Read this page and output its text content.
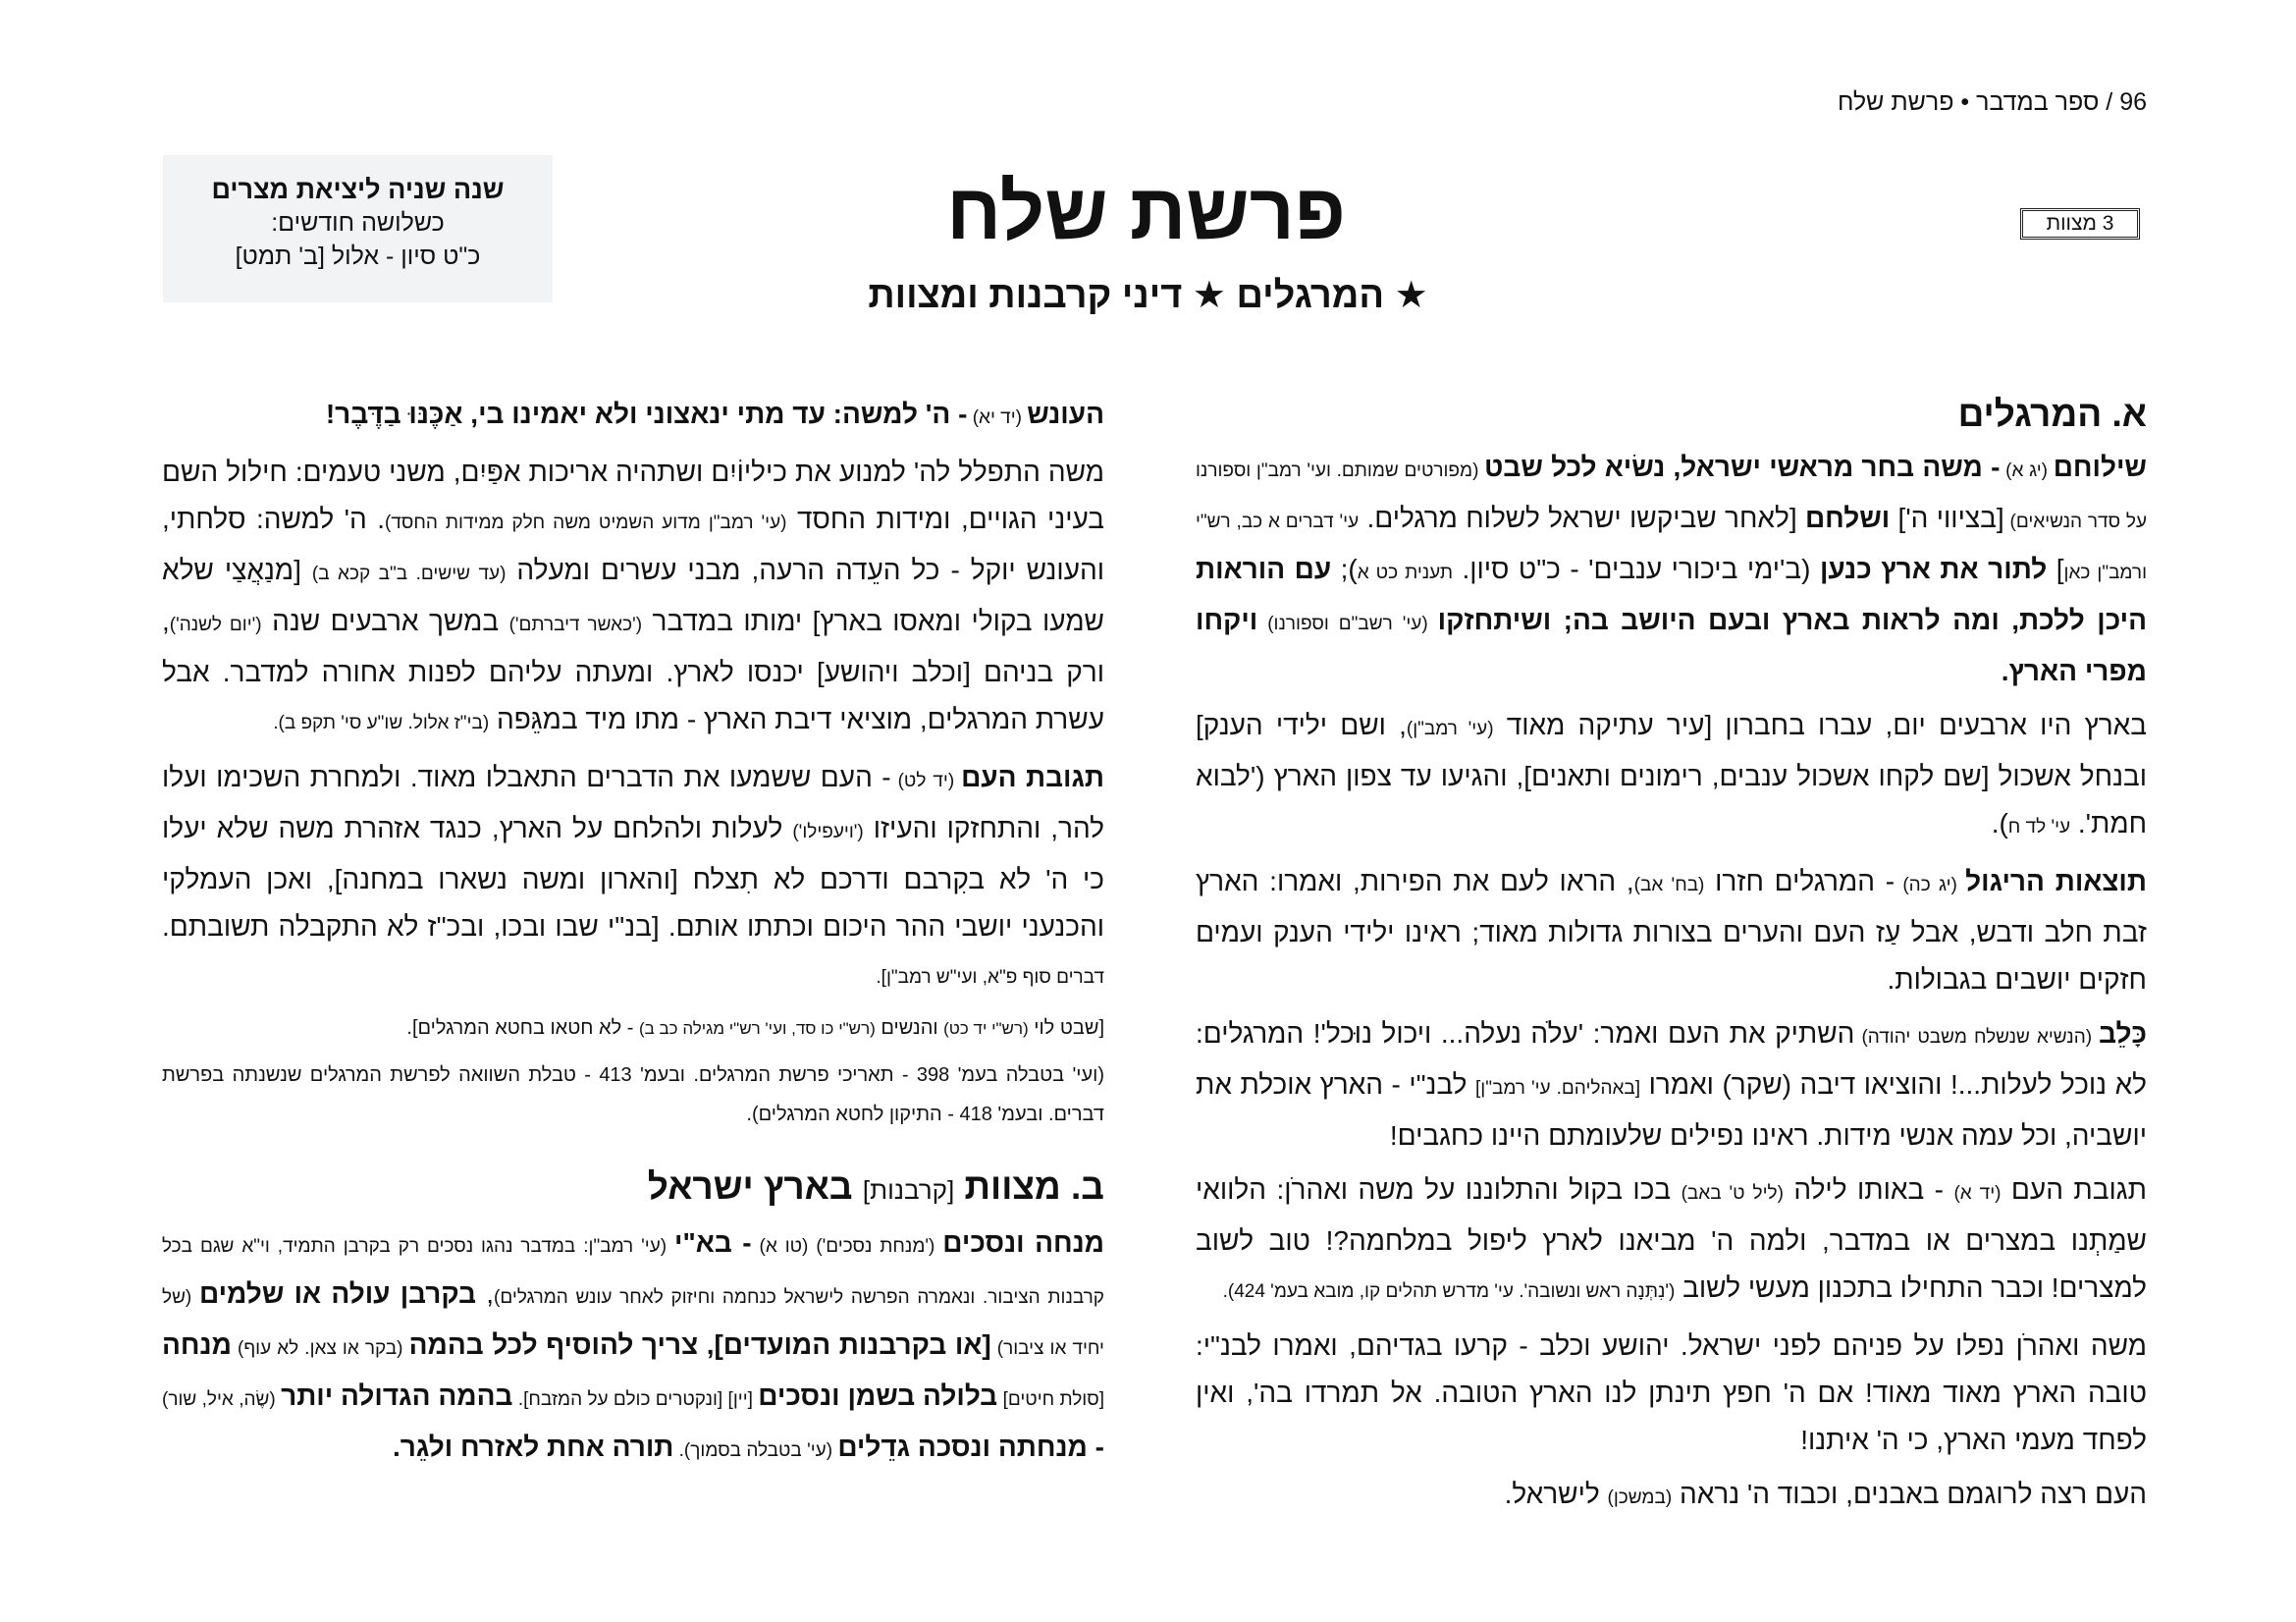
96 / ספר במדבר • פרשת שלח
3 מצוות
פרשת שלח
★ המרגלים ★ דיני קרבנות ומצוות
שנה שניה ליציאת מצרים
כשלושה חודשים:
כ"ט סיון - אלול [ב' תמט]
א. המרגלים

שילוחם (יג א) - משה בחר מראשי ישראל, נשׂיא לכל שבט (מפורטים שמותם. ועי' רמב"ן וספורנו על סדר הנשיאים) [בציווי ה'] ושלחם [לאחר שביקשו ישראל לשלוח מרגלים. עי' דברים א כב, רש"י ורמב"ן כאן] לתור את ארץ כנען (ב'ימי ביכורי ענבים' - כ"ט סיון. תענית כט א); עם הוראות היכן ללכת, ומה לראות בארץ ובעם היושב בה; ושיתחזקו (עי' רשב"ם וספורנו) ויקחו מפרי הארץ.

בארץ היו ארבעים יום, עברו בחברון [עיר עתיקה מאוד (עי' רמב"ן), ושם ילידי הענק] ובנחל אשכול [שם לקחו אשכול ענבים, רימונים ותאנים], והגיעו עד צפון הארץ ('לבוא חמת'. עי' לד ח).

תוצאות הריגול (יג כה) - המרגלים חזרו (בח' אב), הראו לעם את הפירות, ואמרו: הארץ זבת חלב ודבש, אבל עַז העם והערים בצורות גדולות מאוד; ראינו ילידי הענק ועמים חזקים יושבים בגבולות.

כָּלֵב (הנשיא שנשלח משבט יהודה) השתיק את העם ואמר: 'עלֹה נעלה... ויכול נוּכל'! המרגלים: לא נוכל לעלות...! והוציאו דיבה (שקר) ואמרו [באהליהם. עי' רמב"ן] לבנ"י - הארץ אוכלת את יושביה, וכל עמה אנשי מידות. ראינו נפילים שלעומתם היינו כחגבים!

תגובת העם (יד א) - באותו לילה (ליל ט' באב) בכו בקול והתלוננו על משה ואהרֹן: הלוואי שמַתְנו במצרים או במדבר, ולמה ה' מביאנו לארץ ליפול במלחמה?! טוב לשוב למצרים! וכבר התחילו בתכנון מעשי לשוב ('נִתְּנָה ראש ונשובה'. עי' מדרש תהלים קו, מובא בעמ' 424).

משה ואהרֹן נפלו על פניהם לפני ישראל. יהושע וכלב - קרעו בגדיהם, ואמרו לבנ"י: טובה הארץ מאוד מאוד! אם ה' חפץ תינתן לנו הארץ הטובה. אל תמרדו בה', ואין לפחד מעמי הארץ, כי ה' איתנו!

העם רצה לרוגמם באבנים, וכבוד ה' נראה (במשכן) לישראל.

העונש (יד יא) - ה' למשה: עד מתי ינאצוני ולא יאמינו בי, אַכֶּנּוּ בַדֶּבֶר!

משה התפלל לה' למנוע את כיליוֹיִם ושתהיה אריכות אפַּיִם, משני טעמים: חילול השם בעיני הגויים, ומידות החסד (עי' רמב"ן מדוע השמיט משה חלק ממידות החסד). ה' למשה: סלחתי, והעונש יוקל - כל העֵדה הרעה, מבני עשרים ומעלה (עד שישים. ב"ב קכא ב) [מנַאֲצַי שלא שמעו בקולי ומאסו בארץ] ימותו במדבר ('כאשר דיברתם') במשך ארבעים שנה ('יום לשנה'), ורק בניהם [וכלב ויהושע] יכנסו לארץ. ומעתה עליהם לפנות אחורה למדבר. אבל עשרת המרגלים, מוציאי דיבת הארץ - מתו מיד במגֵּפה (בי"ז אלול. שו"ע סי' תקפ ב).

תגובת העם (יד לט) - העם ששמעו את הדברים התאבלו מאוד. ולמחרת השכימו ועלו להר, והתחזקו והעיזו ('ויעפילו') לעלות ולהלחם על הארץ, כנגד אזהרת משה שלא יעלו כי ה' לא בקִרבם ודרכם לא תִצלח [והארון ומשה נשארו במחנה], ואכן העמלקי והכנעני יושבי ההר היכום וכתתו אותם. [בנ"י שבו ובכו, ובכ"ז לא התקבלה תשובתם. דברים סוף פ"א, ועי"ש רמב"ן].

[שבט לוי (רש"י יד כט) והנשים (רש"י כו סד, ועי' רש"י מגילה כב ב) - לא חטאו בחטא המרגלים].

(ועי' בטבלה בעמ' 398 - תאריכי פרשת המרגלים. ובעמ' 413 - טבלת השוואה לפרשת המרגלים שנשנתה בפרשת דברים. ובעמ' 418 - התיקון לחטא המרגלים).

ב. מצוות [קרבנות] בארץ ישראל

מנחה ונסכים ('מנחת נסכים') (טו א) - בא"י (עי' רמב"ן: במדבר נהגו נסכים רק בקרבן התמיד, וי"א שגם בכל קרבנות הציבור. ונאמרה הפרשה לישראל כנחמה וחיזוק לאחר עונש המרגלים), בקרבן עולה או שלמים (של יחיד או ציבור) [או בקרבנות המועדים], צריך להוסיף לכל בהמה (בקר או צאן. לא עוף) מנחה [סולת חיטים] בלולה בשמן ונסכים [יין] [ונקטרים כולם על המזבח]. בהמה הגדולה יותר (שֶׂה, איל, שור) - מנחתה ונסכה גדֵלים (עי' בטבלה בסמוך). תורה אחת לאזרח ולגֵר.
